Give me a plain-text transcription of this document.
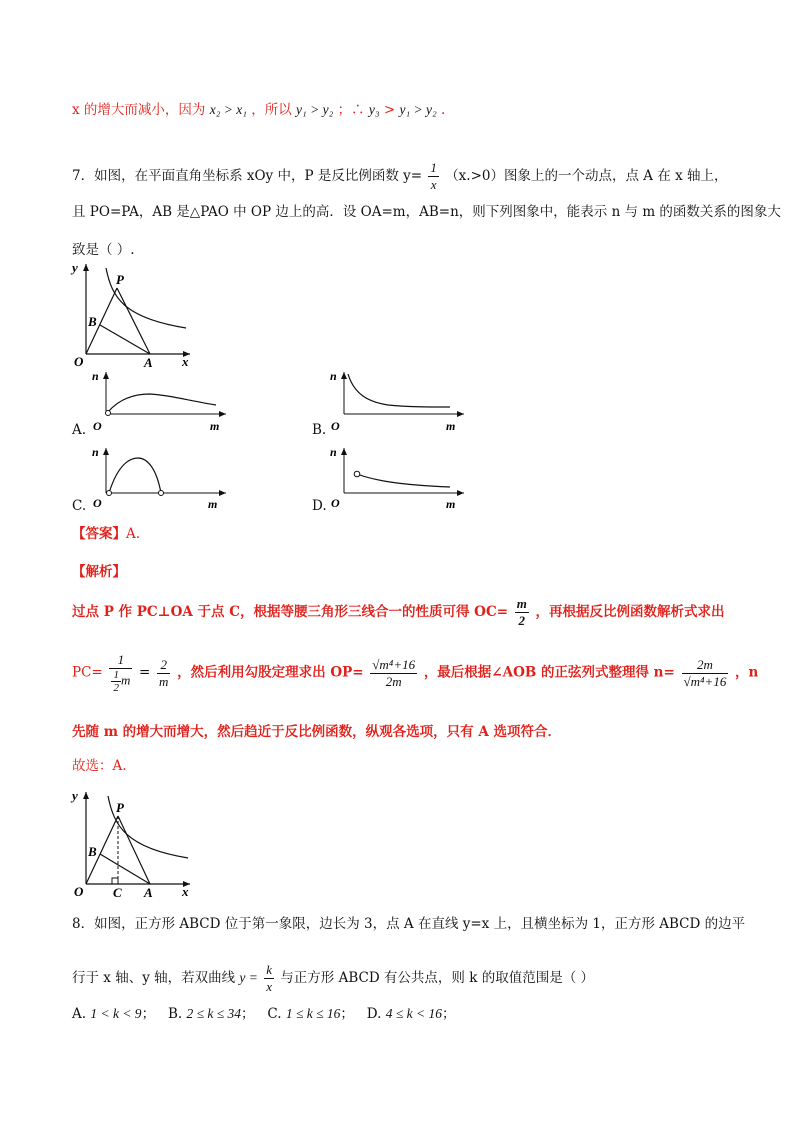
x 的增大而减小，因为 x₂ > x₁ ，所以 y₁ > y₂ ；∴ y₃ > y₁ > y₂ .
7．如图，在平面直角坐标系 xOy 中，P 是反比例函数 $y= \frac{1}{x} (x.>0)$图象上的一个动点，点 A 在 x 轴上，
且 PO=PA，AB 是△PAO 中 OP 边上的高．设 OA=m，AB=n，则下列图象中，能表示 n 与 m 的函数关系的图象大
致是（ ）.
y
x
O
P
B
A
A.
n
O	m	B.
n
O	m
C.
n
O	m	D.
n
O	m
【答案】A.
【解析】
过点 P 作 PC⊥OA 于点 C，根据等腰三角形三线合一的性质可得 $OC= \frac{m}{2}$ ，再根据反比例函数解析式求出
$PC= \frac{1}{\frac{1}{2} m} = \frac{2}{m}$ ，然后利用勾股定理求出 $OP= \frac{\text{√m⁴+16}}{2m}$ ，最后根据∠AOB 的正弦列式整理得 $n= \frac{2m}{\text{√m⁴+16}}$ ，n
先随 m 的增大而增大，然后趋近于反比例函数，纵观各选项，只有 A 选项符合．
故选：A.
y
x
O
P
B
C A
8．如图，正方形 ABCD 位于第一象限，边长为 3，点 A 在直线 y=x 上，且横坐标为 1，正方形 ABCD 的边平
行于 x 轴、y 轴，若双曲线 $y = \frac{k}{x}$ 与正方形 ABCD 有公共点，则 k 的取值范围是（ ）
A. 1 < k < 9； B. 2 ≤ k ≤ 34； C. 1 ≤ k ≤ 16； D. 4 ≤ k < 16；
